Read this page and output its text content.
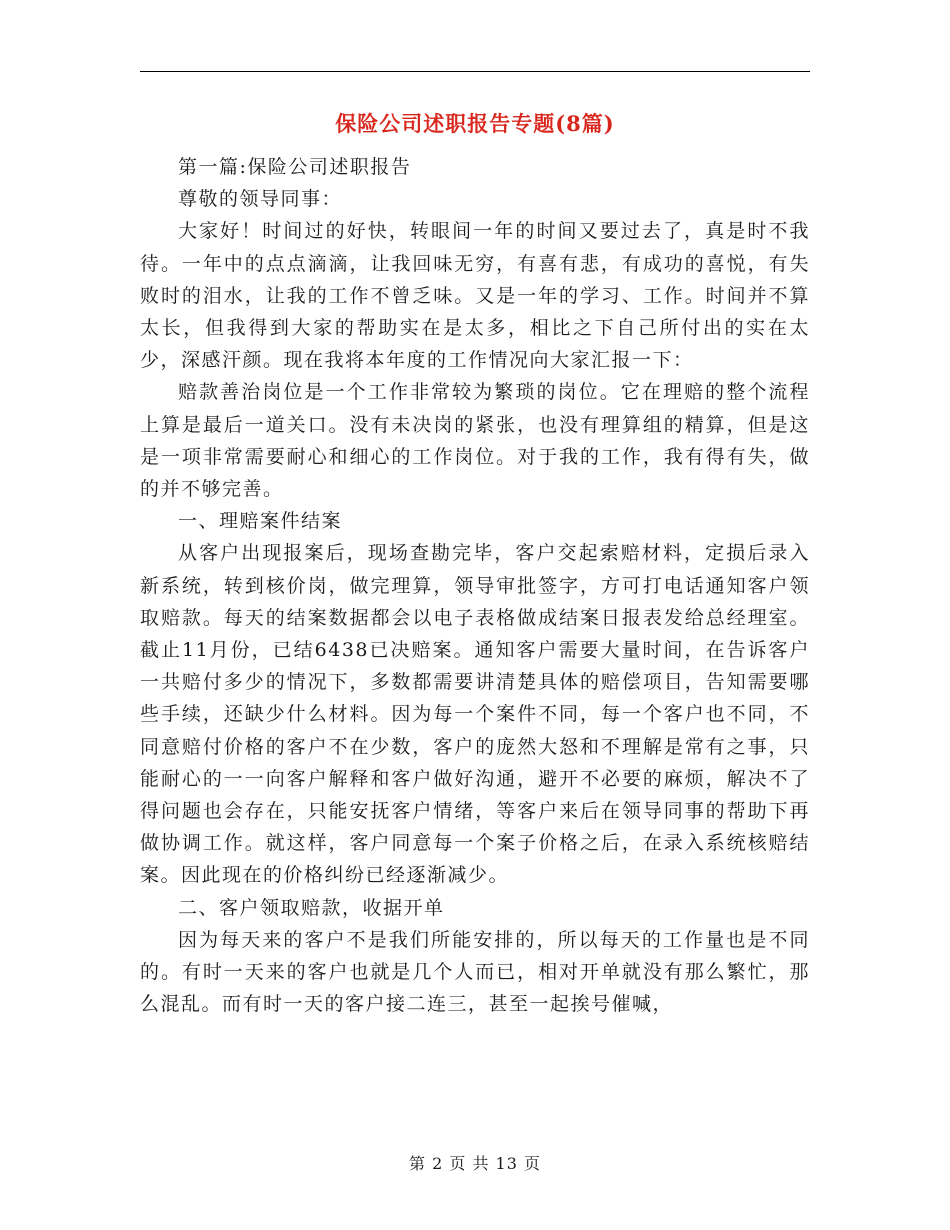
保险公司述职报告专题(8篇)

第一篇:保险公司述职报告

尊敬的领导同事：

大家好！时间过的好快，转眼间一年的时间又要过去了，真是时不我待。一年中的点点滴滴，让我回味无穷，有喜有悲，有成功的喜悦，有失败时的泪水，让我的工作不曾乏味。又是一年的学习、工作。时间并不算太长，但我得到大家的帮助实在是太多，相比之下自己所付出的实在太少，深感汗颜。现在我将本年度的工作情况向大家汇报一下：

赔款善治岗位是一个工作非常较为繁琐的岗位。它在理赔的整个流程上算是最后一道关口。没有未决岗的紧张，也没有理算组的精算，但是这是一项非常需要耐心和细心的工作岗位。对于我的工作，我有得有失，做的并不够完善。

一、理赔案件结案

从客户出现报案后，现场查勘完毕，客户交起索赔材料，定损后录入新系统，转到核价岗，做完理算，领导审批签字，方可打电话通知客户领取赔款。每天的结案数据都会以电子表格做成结案日报表发给总经理室。截止11月份，已结6438已决赔案。通知客户需要大量时间，在告诉客户一共赔付多少的情况下，多数都需要讲清楚具体的赔偿项目，告知需要哪些手续，还缺少什么材料。因为每一个案件不同，每一个客户也不同，不同意赔付价格的客户不在少数，客户的庞然大怒和不理解是常有之事，只能耐心的一一向客户解释和客户做好沟通，避开不必要的麻烦，解决不了得问题也会存在，只能安抚客户情绪，等客户来后在领导同事的帮助下再做协调工作。就这样，客户同意每一个案子价格之后，在录入系统核赔结案。因此现在的价格纠纷已经逐渐减少。

二、客户领取赔款，收据开单

因为每天来的客户不是我们所能安排的，所以每天的工作量也是不同的。有时一天来的客户也就是几个人而已，相对开单就没有那么繁忙，那么混乱。而有时一天的客户接二连三，甚至一起挨号催喊，

第 2 页 共 13 页
